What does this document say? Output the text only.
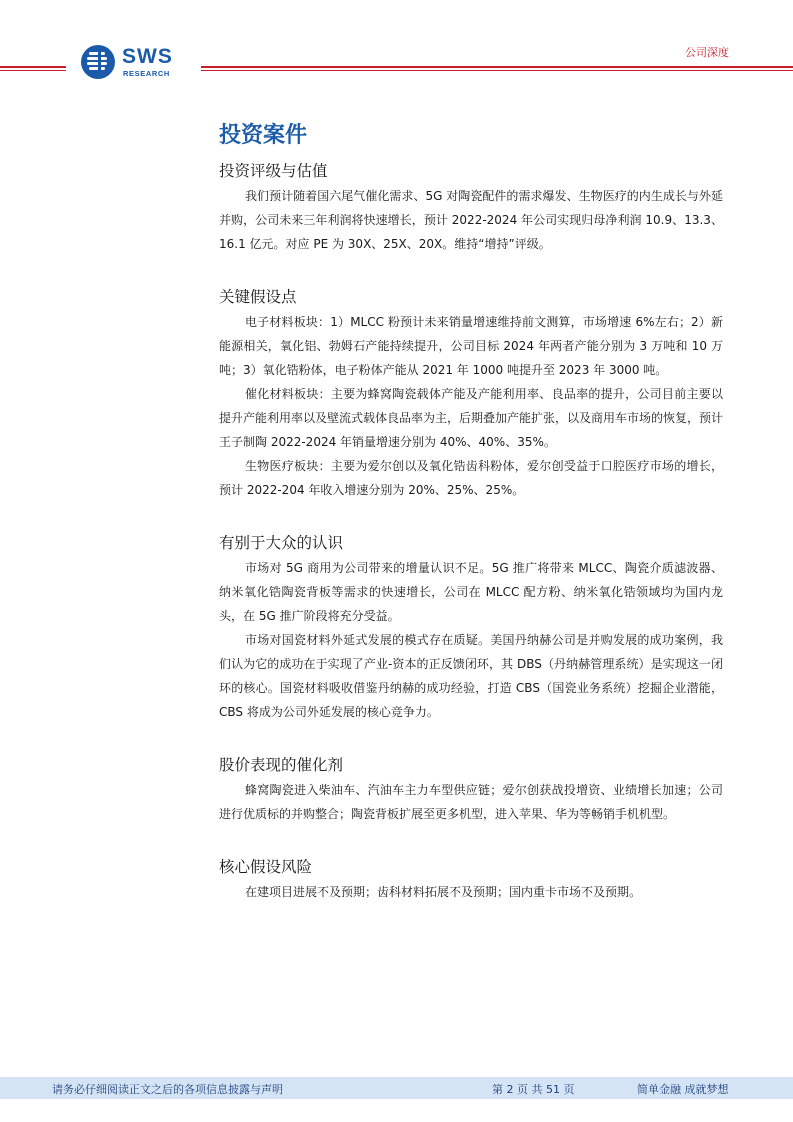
SWS
RESEARCH
公司深度
投资案件
投资评级与估值

我们预计随着国六尾气催化需求、5G 对陶瓷配件的需求爆发、生物医疗的内生成长与外延并购，公司未来三年利润将快速增长，预计 2022-2024 年公司实现归母净利润 10.9、13.3、16.1 亿元。对应 PE 为 30X、25X、20X。维持“增持”评级。

关键假设点

电子材料板块：1）MLCC 粉预计未来销量增速维持前文测算，市场增速 6%左右；2）新能源相关，氧化铝、勃姆石产能持续提升，公司目标 2024 年两者产能分别为 3 万吨和 10 万吨；3）氧化锆粉体，电子粉体产能从 2021 年 1000 吨提升至 2023 年 3000 吨。

催化材料板块：主要为蜂窝陶瓷载体产能及产能利用率、良品率的提升，公司目前主要以提升产能利用率以及壁流式载体良品率为主，后期叠加产能扩张，以及商用车市场的恢复，预计王子制陶 2022-2024 年销量增速分别为 40%、40%、35%。

生物医疗板块：主要为爱尔创以及氧化锆齿科粉体，爱尔创受益于口腔医疗市场的增长，预计 2022-204 年收入增速分别为 20%、25%、25%。

有别于大众的认识

市场对 5G 商用为公司带来的增量认识不足。5G 推广将带来 MLCC、陶瓷介质滤波器、纳米氧化锆陶瓷背板等需求的快速增长，公司在 MLCC 配方粉、纳米氧化锆领域均为国内龙头，在 5G 推广阶段将充分受益。

市场对国瓷材料外延式发展的模式存在质疑。美国丹纳赫公司是并购发展的成功案例，我们认为它的成功在于实现了产业-资本的正反馈闭环，其 DBS（丹纳赫管理系统）是实现这一闭环的核心。国瓷材料吸收借鉴丹纳赫的成功经验，打造 CBS（国瓷业务系统）挖掘企业潜能，CBS 将成为公司外延发展的核心竞争力。

股价表现的催化剂

蜂窝陶瓷进入柴油车、汽油车主力车型供应链；爱尔创获战投增资、业绩增长加速；公司进行优质标的并购整合；陶瓷背板扩展至更多机型，进入苹果、华为等畅销手机机型。

核心假设风险

在建项目进展不及预期；齿科材料拓展不及预期；国内重卡市场不及预期。

请务必仔细阅读正文之后的各项信息披露与声明	第 2 页 共 51 页	简单金融 成就梦想
